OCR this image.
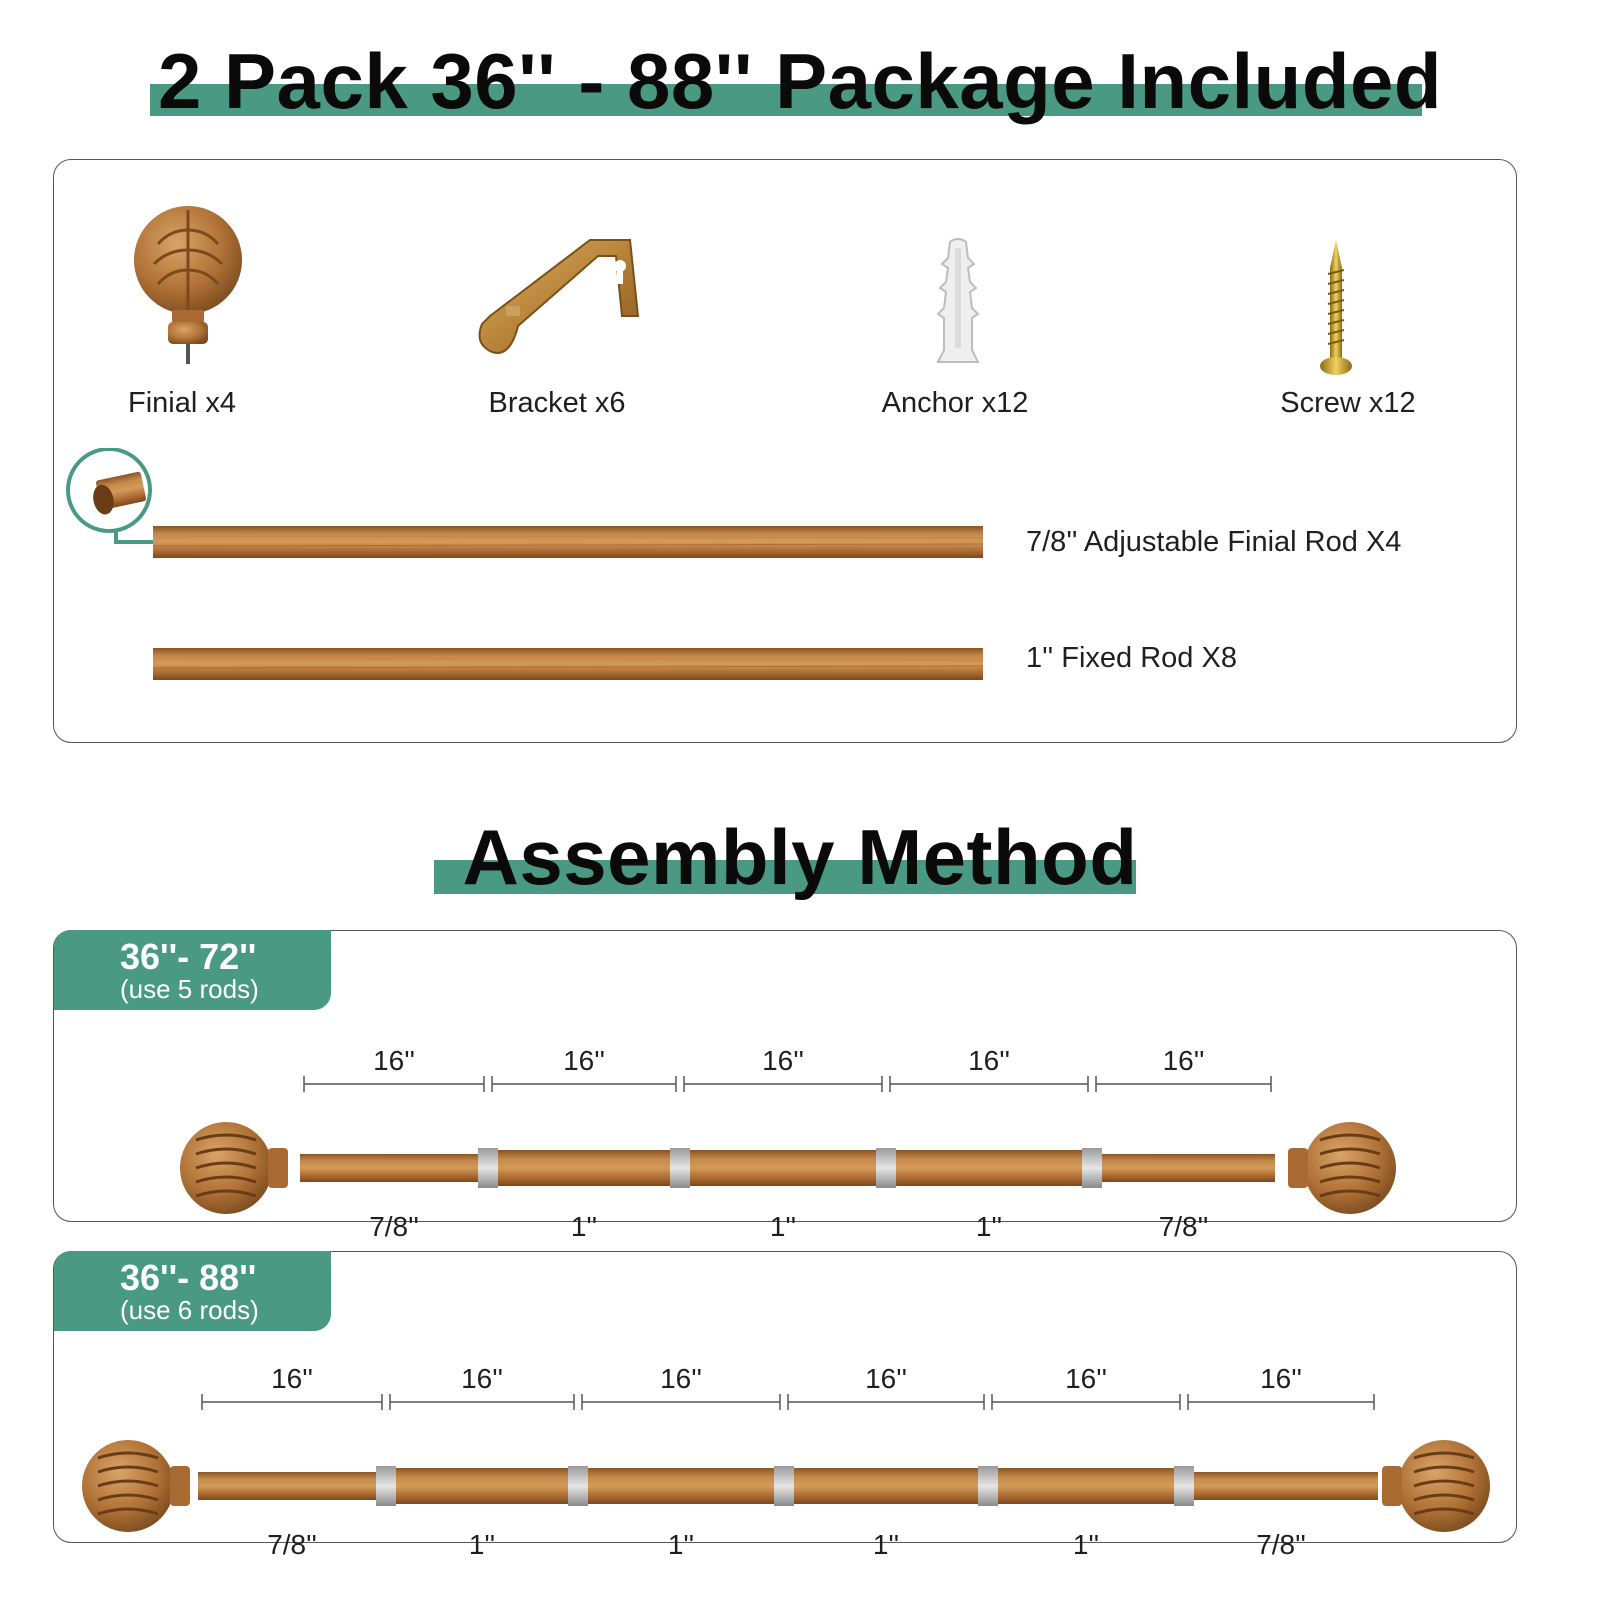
2 Pack 36'' - 88'' Package Included
Finial x4	Bracket x6	Anchor x12	Screw x12
7/8'' Adjustable Finial Rod X4
1'' Fixed Rod X8
Assembly Method
36''- 72''
(use 5 rods)
16''
7/8''
16''
1''
16''
1''
16''
1''
16''
7/8''
36''- 88''
(use 6 rods)
16''
7/8''
16''
1''
16''
1''
16''
1''
16''
1''
16''
7/8''
